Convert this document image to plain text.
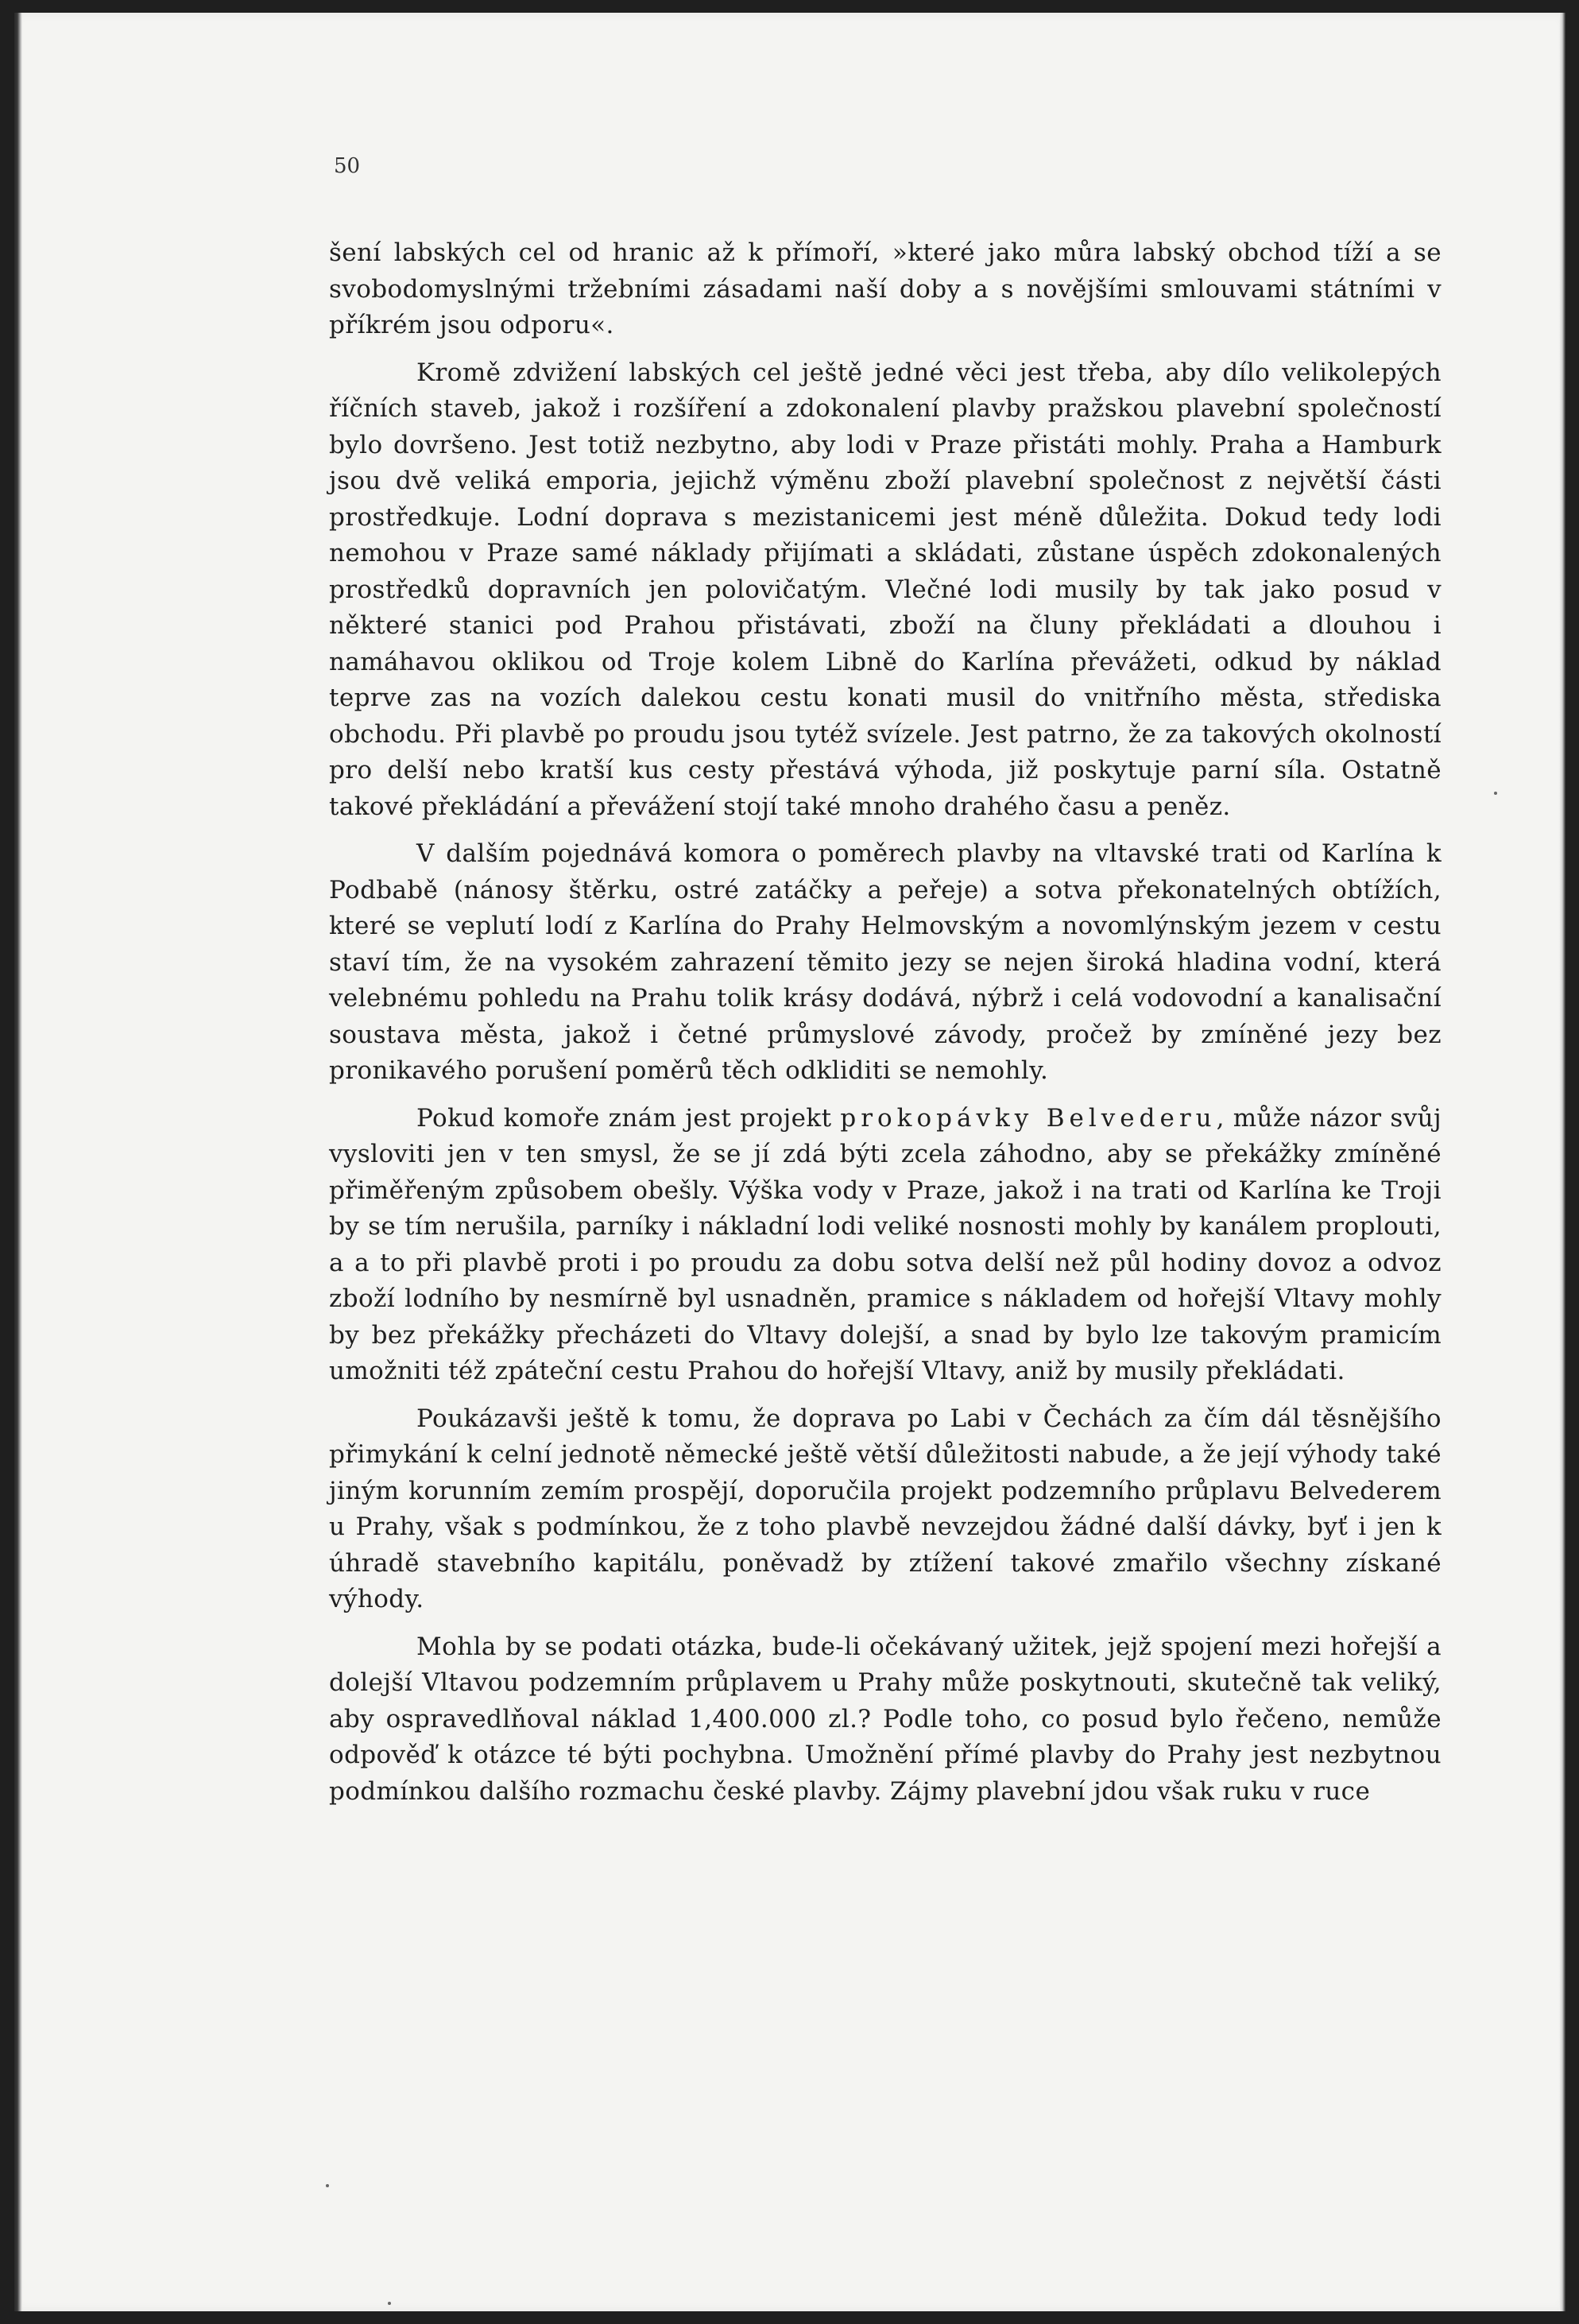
50

šení labských cel od hranic až k přímoří, »které jako můra labský obchod tíží a se svobodomyslnými tržebními zásadami naší doby a s novějšími smlouvami státními v příkrém jsou odporu«.

Kromě zdvižení labských cel ještě jedné věci jest třeba, aby dílo velikolepých říčních staveb, jakož i rozšíření a zdokonalení plavby pražskou plavební společností bylo dovršeno. Jest totiž nezbytno, aby lodi v Praze přistáti mohly. Praha a Hamburk jsou dvě veliká emporia, jejichž výměnu zboží plavební společnost z největší části prostředkuje. Lodní doprava s mezistanicemi jest méně důležita. Dokud tedy lodi nemohou v Praze samé náklady přijímati a skládati, zůstane úspěch zdokonalených prostředků dopravních jen polovičatým. Vlečné lodi musily by tak jako posud v některé stanici pod Prahou přistávati, zboží na čluny překládati a dlouhou i namáhavou oklikou od Troje kolem Libně do Karlína převážeti, odkud by náklad teprve zas na vozích dalekou cestu konati musil do vnitřního města, střediska obchodu. Při plavbě po proudu jsou tytéž svízele. Jest patrno, že za takových okolností pro delší nebo kratší kus cesty přestává výhoda, již poskytuje parní síla. Ostatně takové překládání a převážení stojí také mnoho drahého času a peněz.

V dalším pojednává komora o poměrech plavby na vltavské trati od Karlína k Podbabě (nánosy štěrku, ostré zatáčky a peřeje) a sotva překonatelných obtížích, které se veplutí lodí z Karlína do Prahy Helmovským a novomlýnským jezem v cestu staví tím, že na vysokém zahrazení těmito jezy se nejen široká hladina vodní, která velebnému pohledu na Prahu tolik krásy dodává, nýbrž i celá vodovodní a kanalisační soustava města, jakož i četné průmyslové závody, pročež by zmíněné jezy bez pronikavého porušení poměrů těch odkliditi se nemohly.

Pokud komoře znám jest projekt prokopávky Belvederu, může názor svůj vysloviti jen v ten smysl, že se jí zdá býti zcela záhodno, aby se překážky zmíněné přiměřeným způsobem obešly. Výška vody v Praze, jakož i na trati od Karlína ke Troji by se tím nerušila, parníky i nákladní lodi veliké nosnosti mohly by kanálem proplouti, a a to při plavbě proti i po proudu za dobu sotva delší než půl hodiny dovoz a odvoz zboží lodního by nesmírně byl usnadněn, pramice s nákladem od hořejší Vltavy mohly by bez překážky přecházeti do Vltavy dolejší, a snad by bylo lze takovým pramicím umožniti též zpáteční cestu Prahou do hořejší Vltavy, aniž by musily překládati.

Poukázavši ještě k tomu, že doprava po Labi v Čechách za čím dál těsnějšího přimykání k celní jednotě německé ještě větší důležitosti nabude, a že její výhody také jiným korunním zemím prospějí, doporučila projekt podzemního průplavu Belvederem u Prahy, však s podmínkou, že z toho plavbě nevzejdou žádné další dávky, byť i jen k úhradě stavebního kapitálu, poněvadž by ztížení takové zmařilo všechny získané výhody.

Mohla by se podati otázka, bude-li očekávaný užitek, jejž spojení mezi hořejší a dolejší Vltavou podzemním průplavem u Prahy může poskytnouti, skutečně tak veliký, aby ospravedlňoval náklad 1,400.000 zl.? Podle toho, co posud bylo řečeno, nemůže odpověď k otázce té býti pochybna. Umožnění přímé plavby do Prahy jest nezbytnou podmínkou dalšího rozmachu české plavby. Zájmy plavební jdou však ruku v ruce
